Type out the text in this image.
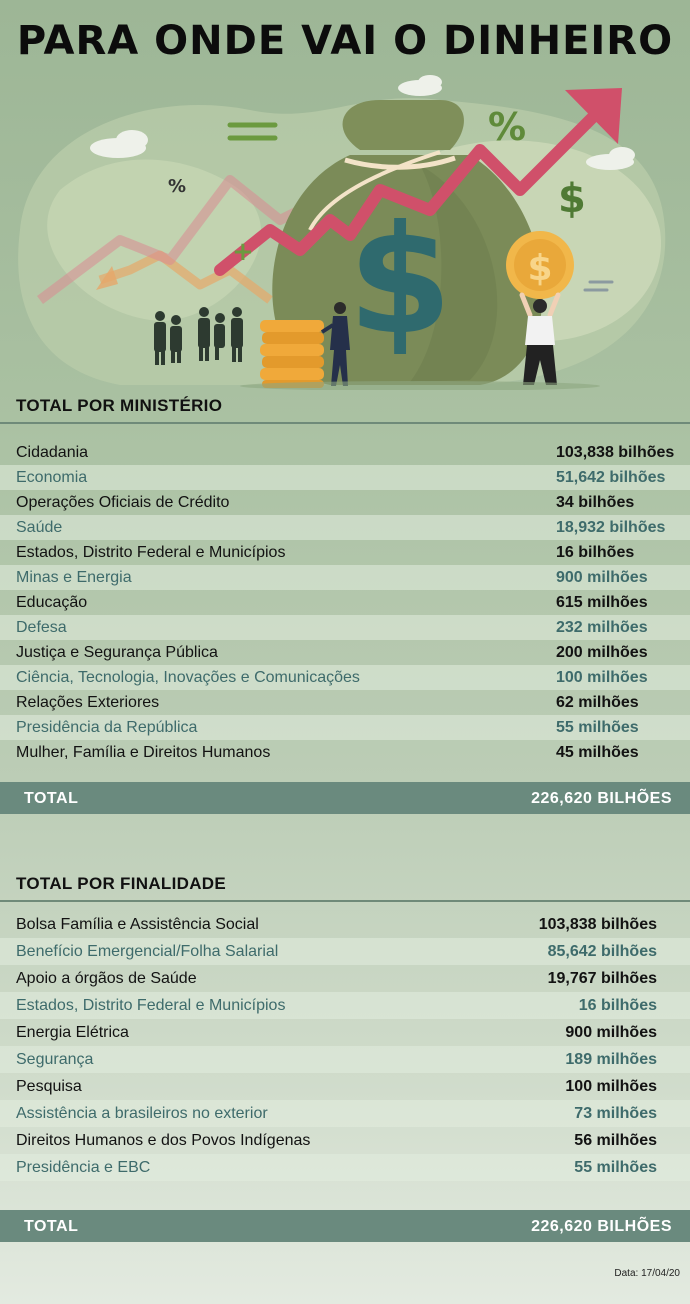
PARA ONDE VAI O DINHEIRO
$
%
%	$
+	$
TOTAL POR MINISTÉRIO
Cidadania	103,838 bilhões
Economia	51,642 bilhões
Operações Oficiais de Crédito	34 bilhões
Saúde	18,932 bilhões
Estados, Distrito Federal e Municípios	16 bilhões
Minas e Energia	900 milhões
Educação	615 milhões
Defesa	232 milhões
Justiça e Segurança Pública	200 milhões
Ciência, Tecnologia, Inovações e Comunicações	100 milhões
Relações Exteriores	62 milhões
Presidência da República	55 milhões
Mulher, Família e Direitos Humanos	45 milhões
TOTAL	226,620 BILHÕES
TOTAL POR FINALIDADE
Bolsa Família e Assistência Social	103,838 bilhões
Benefício Emergencial/Folha Salarial	85,642 bilhões
Apoio a órgãos de Saúde	19,767 bilhões
Estados, Distrito Federal e Municípios	16 bilhões
Energia Elétrica	900 milhões
Segurança	189 milhões
Pesquisa	100 milhões
Assistência a brasileiros no exterior	73 milhões
Direitos Humanos e dos Povos Indígenas	56 milhões
Presidência e EBC	55 milhões
TOTAL	226,620 BILHÕES
Data: 17/04/20
